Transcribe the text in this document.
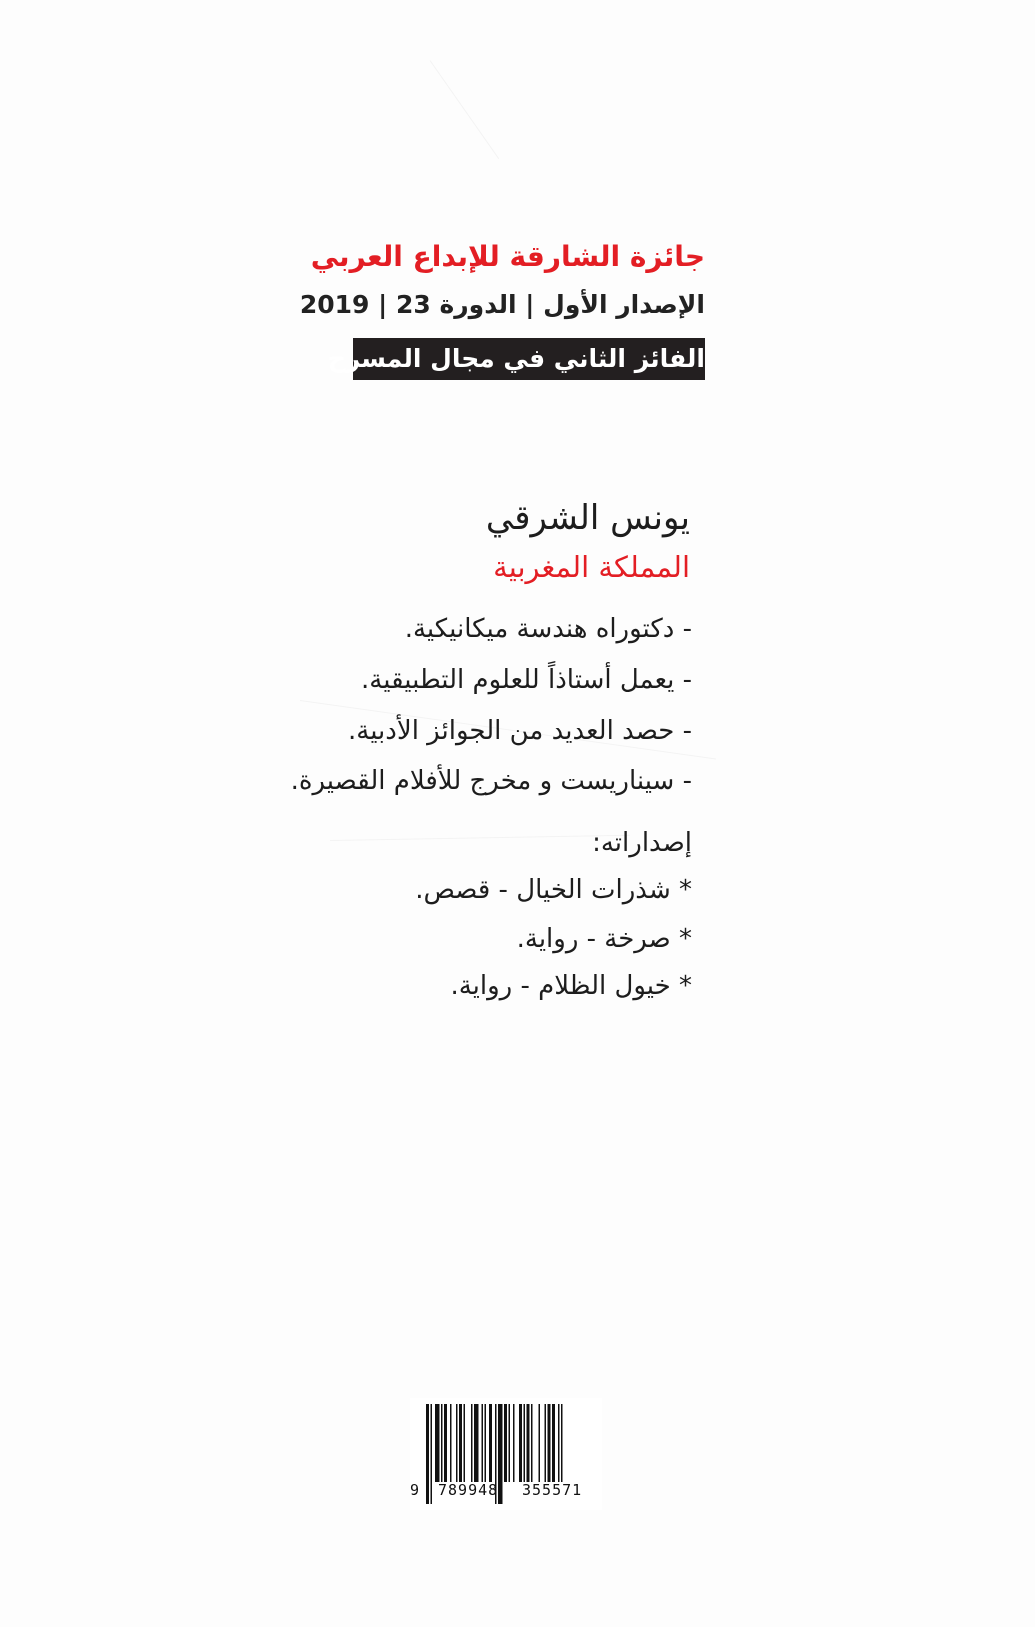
جائزة الشارقة للإبداع العربي
الإصدار الأول | الدورة 23 | 2019
الفائز الثاني في مجال المسرح
يونس الشرقي
المملكة المغربية
- دكتوراه هندسة ميكانيكية.
- يعمل أستاذاً للعلوم التطبيقية.
- حصد العديد من الجوائز الأدبية.
- سيناريست و مخرج للأفلام القصيرة.
إصداراته:
* شذرات الخيال - قصص.
* صرخة - رواية.
* خيول الظلام - رواية.
9 789948 355571
